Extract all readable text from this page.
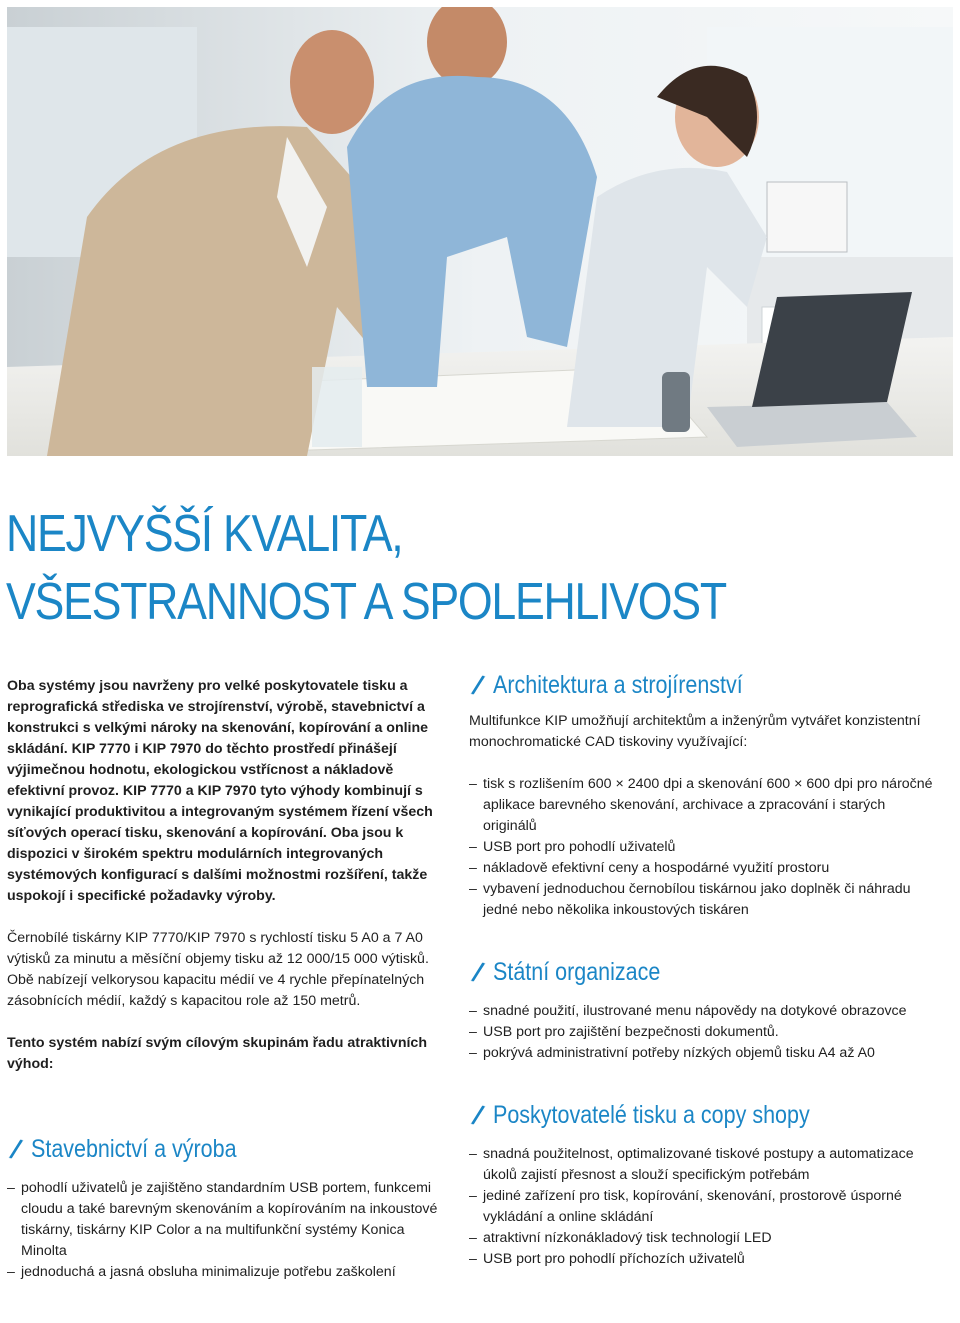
NEJVYŠŠÍ KVALITA,
VŠESTRANNOST A SPOLEHLIVOST

Oba systémy jsou navrženy pro velké poskytovatele tisku a reprografická střediska ve strojírenství, výrobě, stavebnictví a konstrukci s velkými nároky na skenování, kopírování a online skládání. KIP 7770 i KIP 7970 do těchto prostředí přinášejí výjimečnou hodnotu, ekologickou vstřícnost a nákladově efektivní provoz. KIP 7770 a KIP 7970 tyto výhody kombinují s vynikající produktivitou a integrovaným systémem řízení všech síťových operací tisku, skenování a kopírování. Oba jsou k dispozici v širokém spektru modulárních integrovaných systémových konfigurací s dalšími možnostmi rozšíření, takže uspokojí i specifické požadavky výroby.

Černobílé tiskárny KIP 7770/KIP 7970 s rychlostí tisku 5 A0 a 7 A0 výtisků za minutu a měsíční objemy tisku až 12 000/15 000 výtisků. Obě nabízejí velkorysou kapacitu médií ve 4 rychle přepínatelných zásobnících médií, každý s kapacitou role až 150 metrů.

Tento systém nabízí svým cílovým skupinám řadu atraktivních výhod:

Stavebnictví a výroba
– pohodlí uživatelů je zajištěno standardním USB portem, funkcemi cloudu a také barevným skenováním a kopírováním na inkoustové tiskárny, tiskárny KIP Color a na multifunkční systémy Konica Minolta
– jednoduchá a jasná obsluha minimalizuje potřebu zaškolení
Architektura a strojírenství

Multifunkce KIP umožňují architektům a inženýrům vytvářet konzistentní monochromatické CAD tiskoviny využívající:

– tisk s rozlišením 600 × 2400 dpi a skenování 600 × 600 dpi pro náročné aplikace barevného skenování, archivace a zpracování i starých originálů
– USB port pro pohodlí uživatelů
– nákladově efektivní ceny a hospodárné využití prostoru
– vybavení jednoduchou černobílou tiskárnou jako doplněk či náhradu jedné nebo několika inkoustových tiskáren
Státní organizace
– snadné použití, ilustrované menu nápovědy na dotykové obrazovce
– USB port pro zajištění bezpečnosti dokumentů.
– pokrývá administrativní potřeby nízkých objemů tisku A4 až A0
Poskytovatelé tisku a copy shopy
– snadná použitelnost, optimalizované tiskové postupy a automatizace úkolů zajistí přesnost a slouží specifickým potřebám
– jediné zařízení pro tisk, kopírování, skenování, prostorově úsporné vykládání a online skládání
– atraktivní nízkonákladový tisk technologií LED
– USB port pro pohodlí příchozích uživatelů
